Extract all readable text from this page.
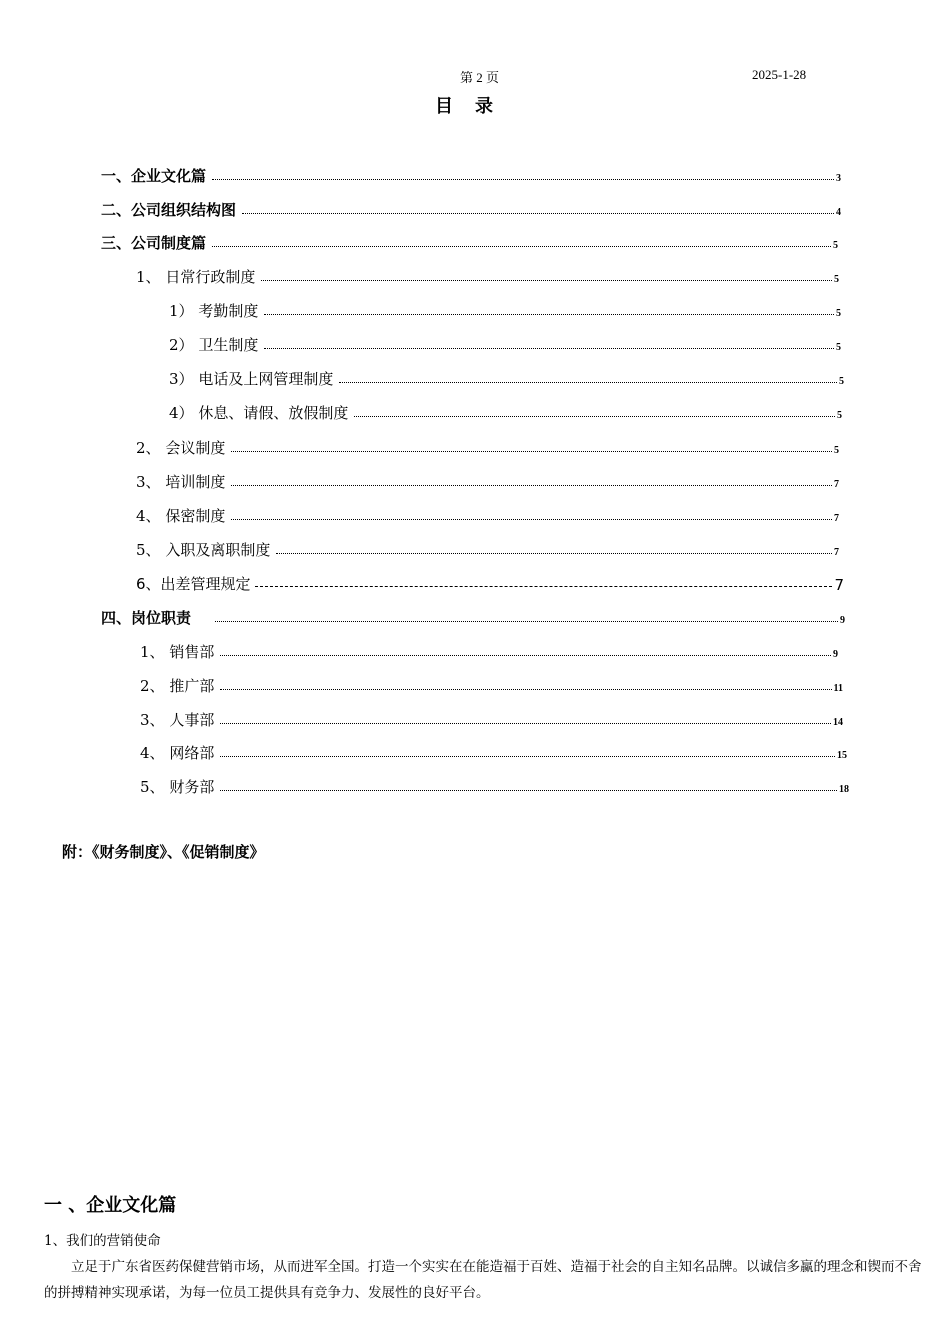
第 2 页	2025-1-28
目录
一、企业文化篇	3
二、公司组织结构图	4
三、公司制度篇	5
1、 日常行政制度	5
1） 考勤制度	5
2） 卫生制度	5
3） 电话及上网管理制度	5
4） 休息、请假、放假制度	5
2、 会议制度	5
3、 培训制度	7
4、 保密制度	7
5、 入职及离职制度	7
6、出差管理规定	7
四、岗位职责	9
1、 销售部	9
2、 推广部	11
3、 人事部	14
4、 网络部	15
5、 财务部	18
附：《财务制度》、《促销制度》
一 、企业文化篇
1、我们的营销使命
立足于广东省医药保健营销市场，从而进军全国。打造一个实实在在能造福于百姓、造福于社会的自主知名品牌。以诚信多赢的理念和锲而不舍的拼搏精神实现承诺，为每一位员工提供具有竞争力、发展性的良好平台。
